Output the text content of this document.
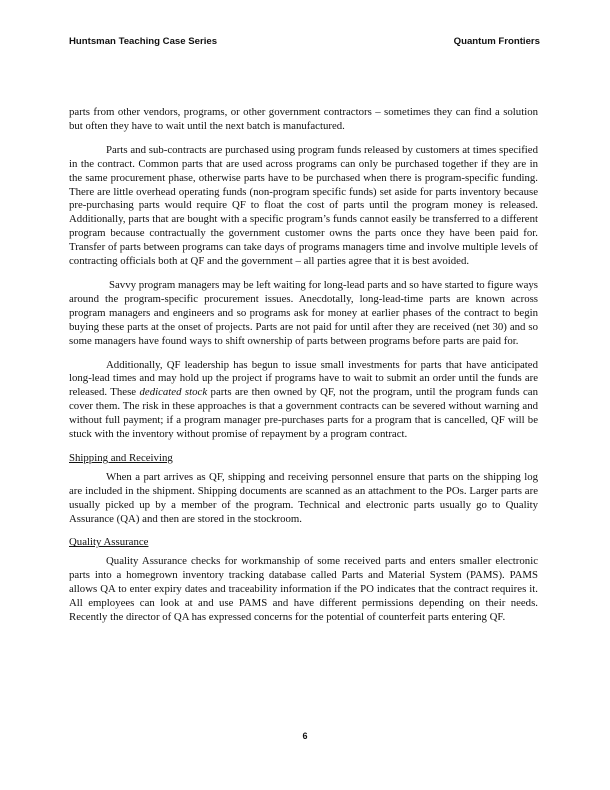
Huntsman Teaching Case Series	Quantum Frontiers

parts from other vendors, programs, or other government contractors – sometimes they can find a solution but often they have to wait until the next batch is manufactured.

Parts and sub-contracts are purchased using program funds released by customers at times specified in the contract. Common parts that are used across programs can only be purchased together if they are in the same procurement phase, otherwise parts have to be purchased when there is program-specific funding. There are little overhead operating funds (non-program specific funds) set aside for parts inventory because pre-purchasing parts would require QF to float the cost of parts until the program money is released. Additionally, parts that are bought with a specific program’s funds cannot easily be transferred to a different program because contractually the government customer owns the parts once they have been paid for. Transfer of parts between programs can take days of programs managers time and involve multiple levels of contracting officials both at QF and the government – all parties agree that it is best avoided.

Savvy program managers may be left waiting for long-lead parts and so have started to figure ways around the program-specific procurement issues. Anecdotally, long-lead-time parts are known across program managers and engineers and so programs ask for money at earlier phases of the contract to begin buying these parts at the onset of projects. Parts are not paid for until after they are received (net 30) and so some managers have found ways to shift ownership of parts between programs before parts are paid for.

Additionally, QF leadership has begun to issue small investments for parts that have anticipated long-lead times and may hold up the project if programs have to wait to submit an order until the funds are released. These dedicated stock parts are then owned by QF, not the program, until the program funds can cover them. The risk in these approaches is that a government contracts can be severed without warning and without full payment; if a program manager pre-purchases parts for a program that is cancelled, QF will be stuck with the inventory without promise of repayment by a program contract.

Shipping and Receiving

When a part arrives as QF, shipping and receiving personnel ensure that parts on the shipping log are included in the shipment. Shipping documents are scanned as an attachment to the POs. Larger parts are usually picked up by a member of the program. Technical and electronic parts usually go to Quality Assurance (QA) and then are stored in the stockroom.

Quality Assurance

Quality Assurance checks for workmanship of some received parts and enters smaller electronic parts into a homegrown inventory tracking database called Parts and Material System (PAMS). PAMS allows QA to enter expiry dates and traceability information if the PO indicates that the contract requires it. All employees can look at and use PAMS and have different permissions depending on their needs. Recently the director of QA has expressed concerns for the potential of counterfeit parts entering QF.

6
